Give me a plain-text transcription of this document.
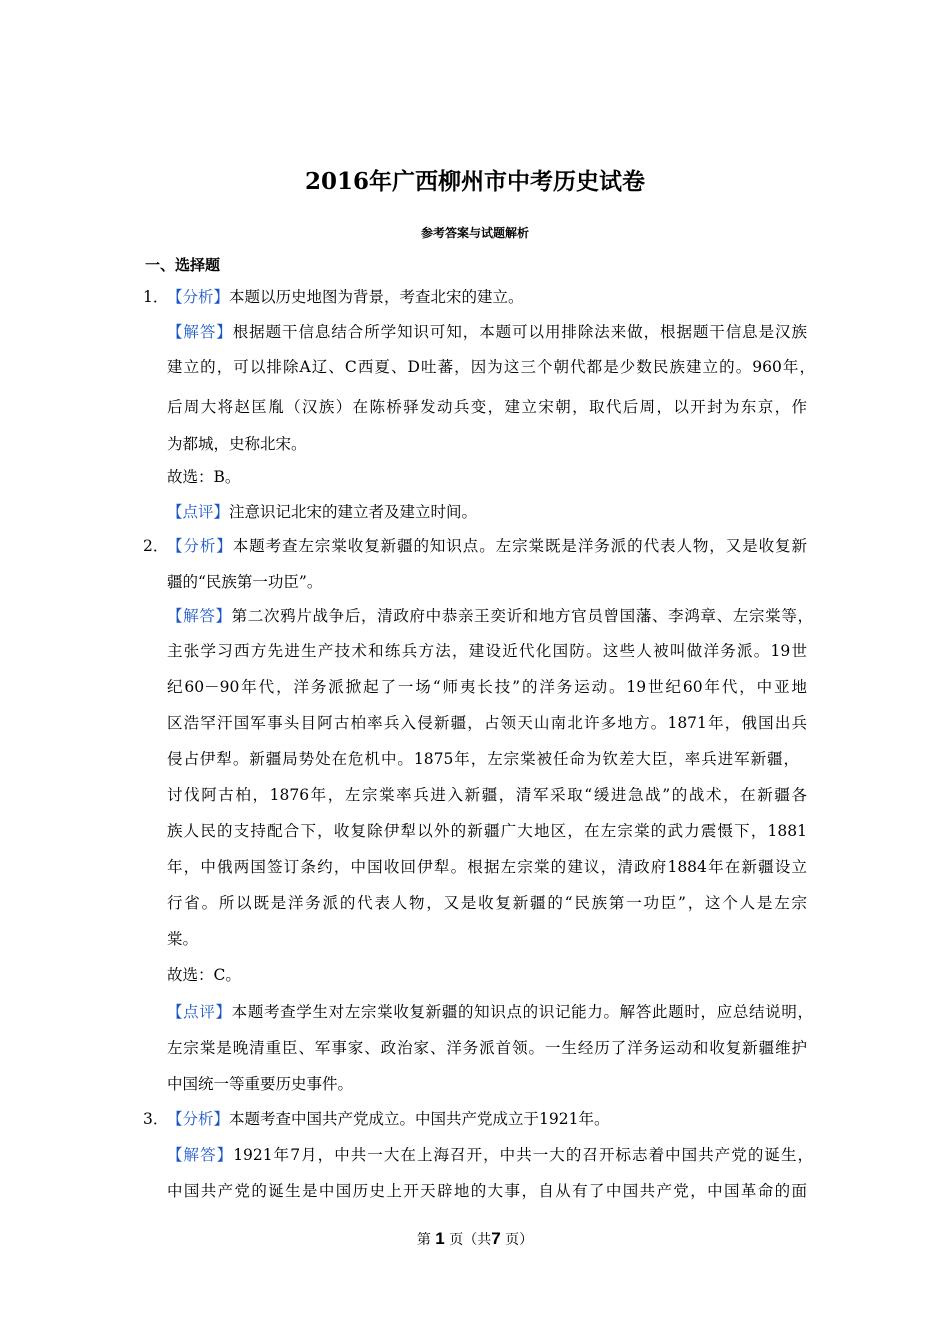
2016年广西柳州市中考历史试卷
参考答案与试题解析
一、选择题
1．
【分析】本题以历史地图为背景，考查北宋的建立。
【解答】根据题干信息结合所学知识可知，本题可以用排除法来做，根据题干信息是汉族
建立的，可以排除A辽、C西夏、D吐蕃，因为这三个朝代都是少数民族建立的。960年，
后周大将赵匡胤（汉族）在陈桥驿发动兵变，建立宋朝，取代后周，以开封为东京，作
为都城，史称北宋。
故选：B。
【点评】注意识记北宋的建立者及建立时间。
2．
【分析】本题考查左宗棠收复新疆的知识点。左宗棠既是洋务派的代表人物，又是收复新
疆的“民族第一功臣”。
【解答】第二次鸦片战争后，清政府中恭亲王奕䜣和地方官员曾国藩、李鸿章、左宗棠等，
主张学习西方先进生产技术和练兵方法，建设近代化国防。这些人被叫做洋务派。19世
纪60－90年代，洋务派掀起了一场“师夷长技”的洋务运动。19世纪60年代，中亚地
区浩罕汗国军事头目阿古柏率兵入侵新疆，占领天山南北许多地方。1871年，俄国出兵
侵占伊犁。新疆局势处在危机中。1875年，左宗棠被任命为钦差大臣，率兵进军新疆，
讨伐阿古柏，1876年，左宗棠率兵进入新疆，清军采取“缓进急战”的战术，在新疆各
族人民的支持配合下，收复除伊犁以外的新疆广大地区，在左宗棠的武力震慑下，1881
年，中俄两国签订条约，中国收回伊犁。根据左宗棠的建议，清政府1884年在新疆设立
行省。所以既是洋务派的代表人物，又是收复新疆的“民族第一功臣”，这个人是左宗
棠。
故选：C。
【点评】本题考查学生对左宗棠收复新疆的知识点的识记能力。解答此题时，应总结说明，
左宗棠是晚清重臣、军事家、政治家、洋务派首领。一生经历了洋务运动和收复新疆维护
中国统一等重要历史事件。
3．
【分析】本题考查中国共产党成立。中国共产党成立于1921年。
【解答】1921年7月，中共一大在上海召开，中共一大的召开标志着中国共产党的诞生，
中国共产党的诞生是中国历史上开天辟地的大事，自从有了中国共产党，中国革命的面
第 1 页（共7 页）
